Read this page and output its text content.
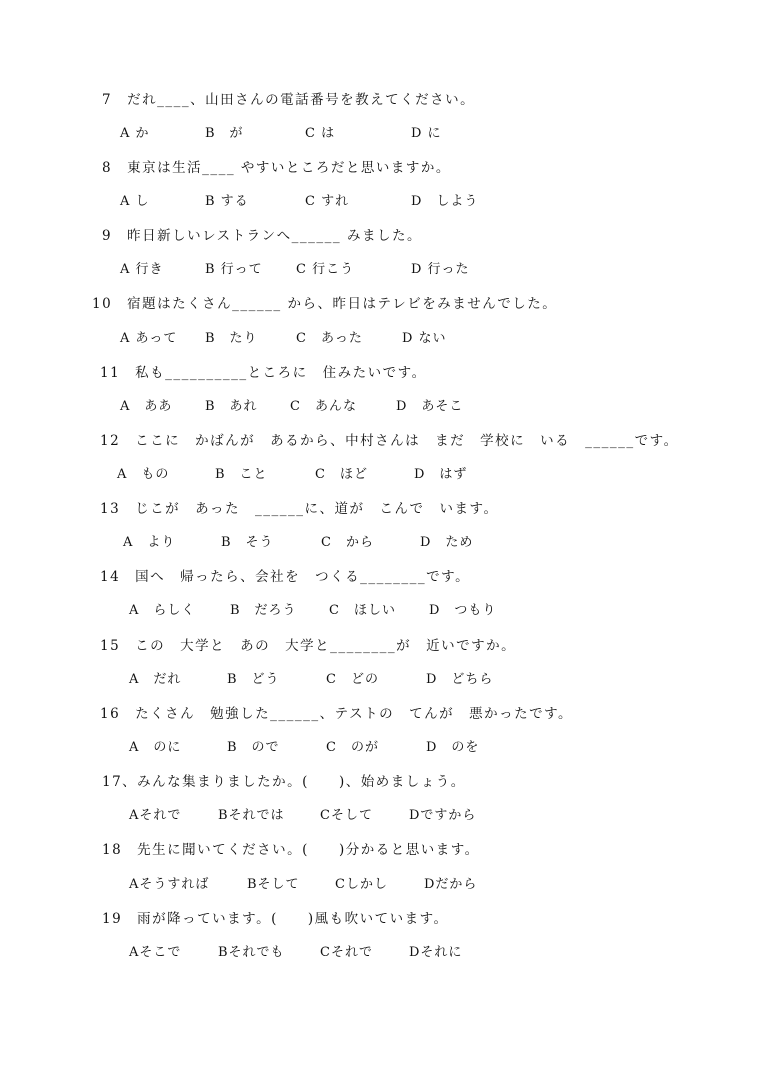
7　だれ____、山田さんの電話番号を教えてください。
A か	B　が	C は	D に
8　東京は生活____ やすいところだと思いますか。
A し	B する	C すれ	D　しよう
9　昨日新しいレストランへ______ みました。
A 行き	B 行って	C 行こう	D 行った
10　宿題はたくさん______ から、昨日はテレビをみませんでした。
A あって B　たり	C　あった	D ない
11　私も__________ところに　住みたいです。
A　ああ	B　あれ C　あんな	D　あそこ
12　ここに　かばんが　あるから、中村さんは　まだ　学校に　いる　______です。
A　もの	B　こと	C　ほど	D　はず
13　じこが　あった　______に、道が　こんで　います。
A　より	B　そう	C　から	D　ため
14　国へ　帰ったら、会社を　つくる________です。
A　らしく	B　だろう C　ほしい	D　つもり
15　この　大学と　あの　大学と________が　近いですか。
A　だれ	B　どう	C　どの	D　どちら
16　たくさん　勉強した______、テストの　てんが　悪かったです。
A　のに	B　ので	C　のが	D　のを
17、みんな集まりましたか。(　　)、始めましょう。
Aそれで	Bそれでは	Cそして	Dですから
18　先生に聞いてください。(　　)分かると思います。
Aそうすれば	Bそして	Cしかし	Dだから
19　雨が降っています。(　　)風も吹いています。
Aそこで	Bそれでも	Cそれで	Dそれに
